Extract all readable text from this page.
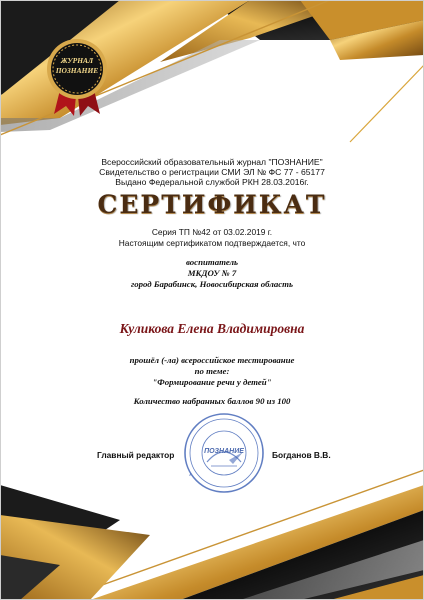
ЖУРНАЛ
ПОЗНАНИЕ
Всероссийский образовательный журнал "ПОЗНАНИЕ"
Свидетельство о регистрации СМИ ЭЛ № ФС 77 - 65177
Выдано Федеральной службой РКН 28.03.2016г.
СЕРТИФИКАТ
Серия ТП №42 от 03.02.2019 г.
Настоящим сертификатом подтверждается, что
воспитатель
МКДОУ № 7
город Барабинск, Новосибирская область
Куликова Елена Владимировна
прошёл (-ла) всероссийское тестирование
по теме:
"Формирование речи у детей"
Количество набранных баллов 90 из 100
ПОЗНАНИЕ
Главный редактор	Богданов В.В.
